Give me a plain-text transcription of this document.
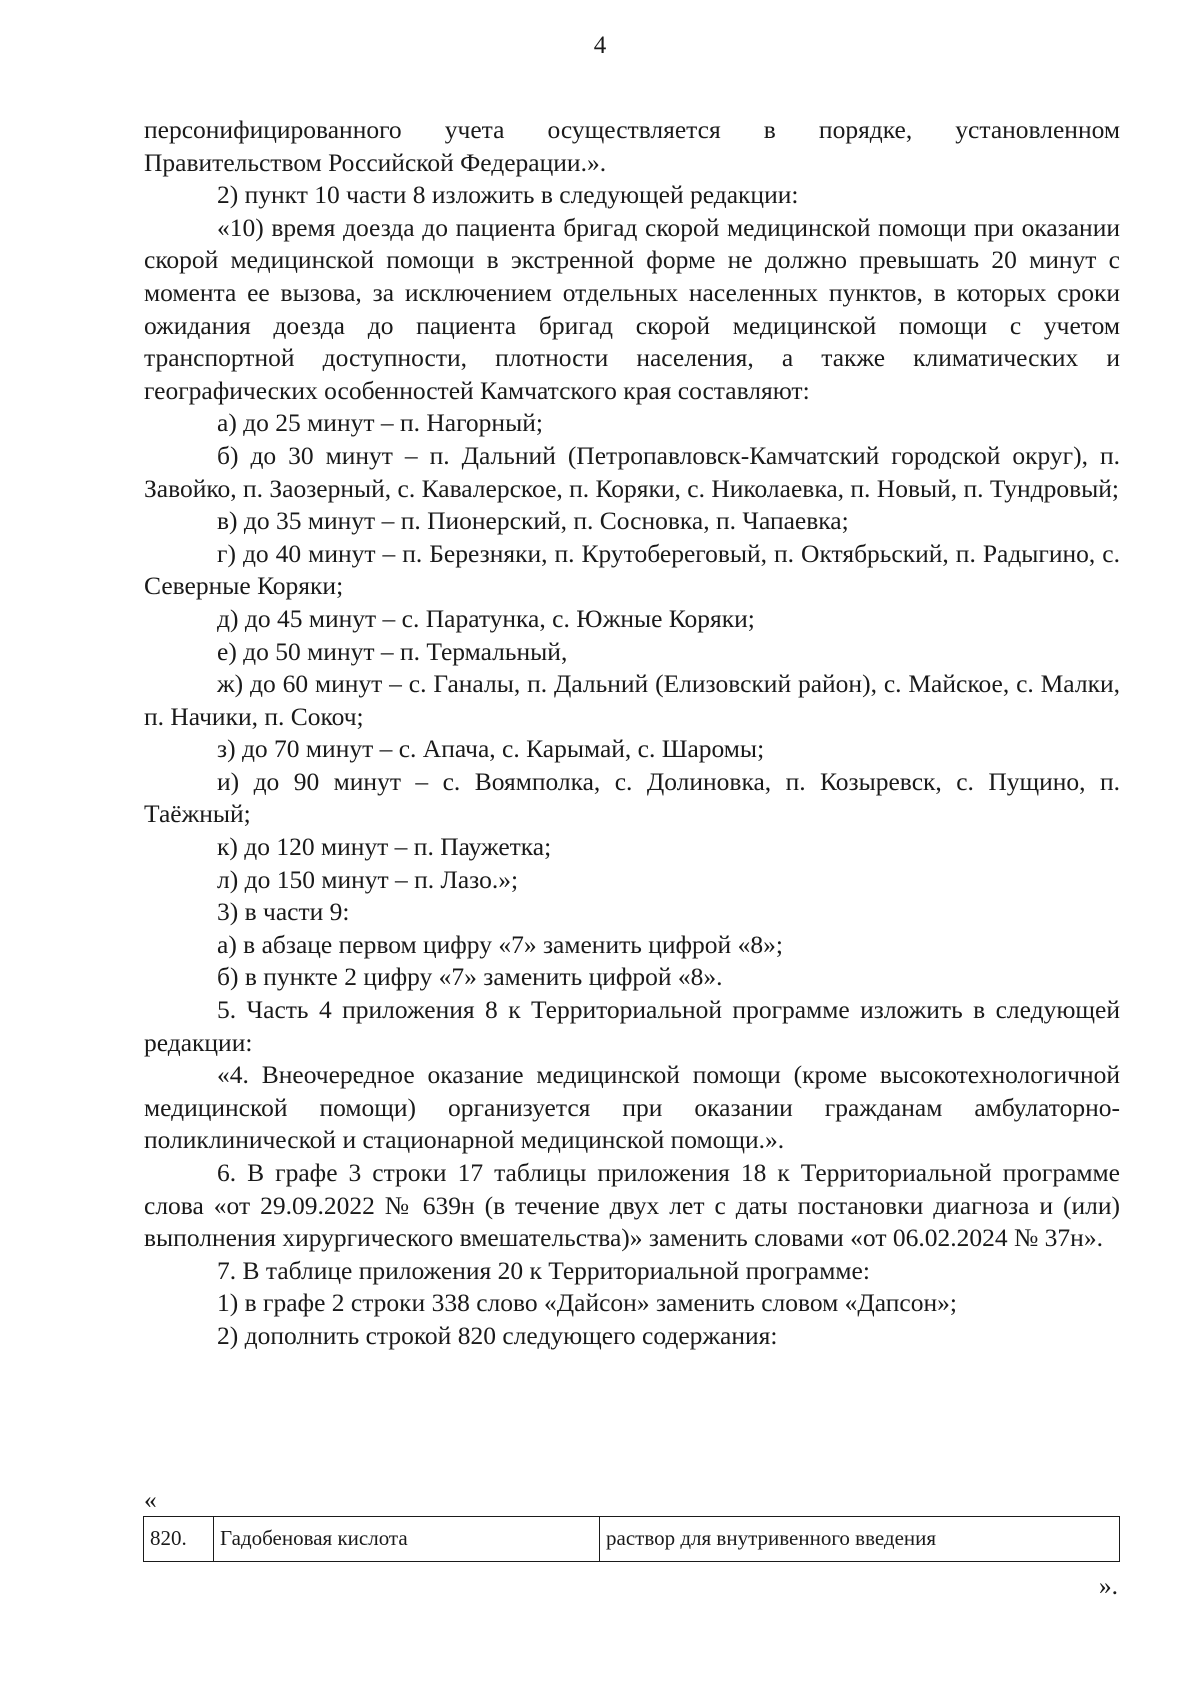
4

персонифицированного учета осуществляется в порядке, установленном Правительством Российской Федерации.».

2) пункт 10 части 8 изложить в следующей редакции:

«10) время доезда до пациента бригад скорой медицинской помощи при оказании скорой медицинской помощи в экстренной форме не должно превышать 20 минут с момента ее вызова, за исключением отдельных населенных пунктов, в которых сроки ожидания доезда до пациента бригад скорой медицинской помощи с учетом транспортной доступности, плотности населения, а также климатических и географических особенностей Камчатского края составляют:

а) до 25 минут – п. Нагорный;

б) до 30 минут – п. Дальний (Петропавловск-Камчатский городской округ), п. Завойко, п. Заозерный, с. Кавалерское, п. Коряки, с. Николаевка, п. Новый, п. Тундровый;

в) до 35 минут – п. Пионерский, п. Сосновка, п. Чапаевка;

г) до 40 минут – п. Березняки, п. Крутобереговый, п. Октябрьский, п. Радыгино, с. Северные Коряки;

д) до 45 минут – с. Паратунка, с. Южные Коряки;

е) до 50 минут – п. Термальный,

ж) до 60 минут – с. Ганалы, п. Дальний (Елизовский район), с. Майское, с. Малки, п. Начики, п. Сокоч;

з) до 70 минут – с. Апача, с. Карымай, с. Шаромы;

и) до 90 минут – с. Воямполка, с. Долиновка, п. Козыревск, с. Пущино, п. Таёжный;

к) до 120 минут – п. Паужетка;

л) до 150 минут – п. Лазо.»;

3) в части 9:

а) в абзаце первом цифру «7» заменить цифрой «8»;

б) в пункте 2 цифру «7» заменить цифрой «8».

5. Часть 4 приложения 8 к Территориальной программе изложить в следующей редакции:

«4. Внеочередное оказание медицинской помощи (кроме высокотехнологичной медицинской помощи) организуется при оказании гражданам амбулаторно-поликлинической и стационарной медицинской помощи.».

6. В графе 3 строки 17 таблицы приложения 18 к Территориальной программе слова «от 29.09.2022 № 639н (в течение двух лет с даты постановки диагноза и (или) выполнения хирургического вмешательства)» заменить словами «от 06.02.2024 № 37н».

7. В таблице приложения 20 к Территориальной программе:

1) в графе 2 строки 338 слово «Дайсон» заменить словом «Дапсон»;

2) дополнить строкой 820 следующего содержания:

«
820.	Гадобеновая кислота	раствор для внутривенного введения
».
